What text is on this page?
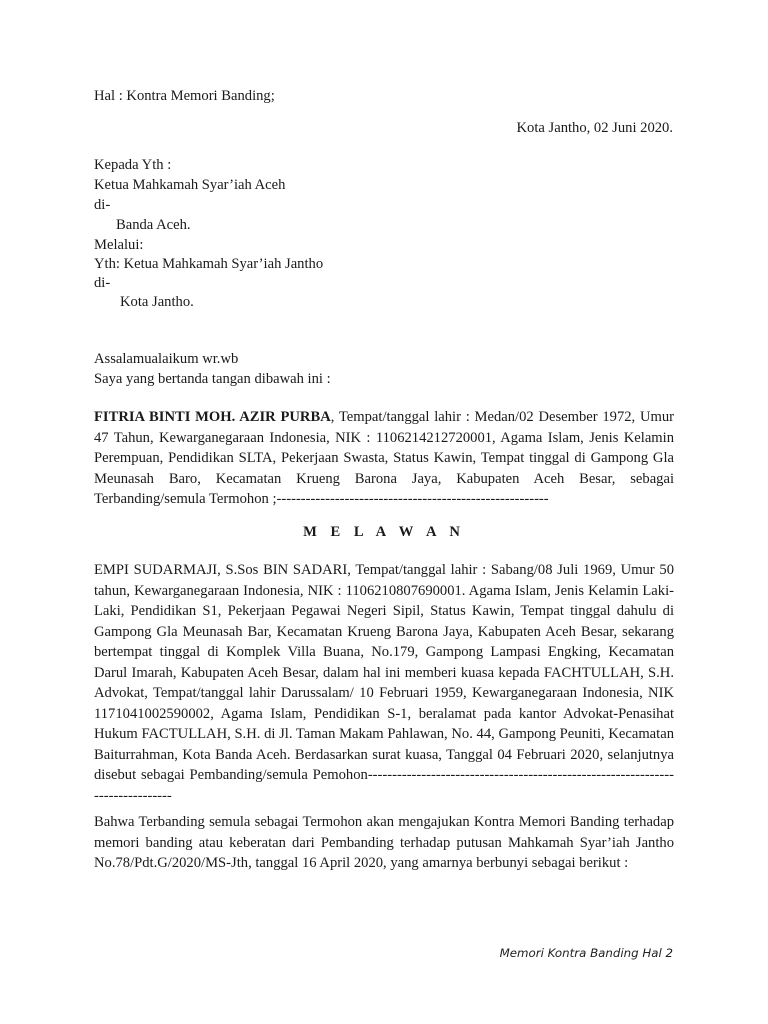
Hal : Kontra Memori Banding;
Kota Jantho, 02 Juni 2020.
Kepada Yth :
Ketua Mahkamah Syar’iah Aceh
di-
Banda Aceh.
Melalui:
Yth: Ketua Mahkamah Syar’iah Jantho
di-
Kota Jantho.
Assalamualaikum wr.wb
Saya yang bertanda tangan dibawah ini :
FITRIA BINTI MOH. AZIR PURBA, Tempat/tanggal lahir : Medan/02 Desember 1972, Umur 47 Tahun, Kewarganegaraan Indonesia, NIK : 1106214212720001, Agama Islam, Jenis Kelamin Perempuan, Pendidikan SLTA, Pekerjaan Swasta, Status Kawin, Tempat tinggal di Gampong Gla Meunasah Baro, Kecamatan Krueng Barona Jaya, Kabupaten Aceh Besar, sebagai Terbanding/semula Termohon ;--------------------------------------------------------
M E L A W A N
EMPI SUDARMAJI, S.Sos BIN SADARI, Tempat/tanggal lahir : Sabang/08 Juli 1969, Umur 50 tahun, Kewarganegaraan Indonesia, NIK : 1106210807690001. Agama Islam, Jenis Kelamin Laki-Laki, Pendidikan S1, Pekerjaan Pegawai Negeri Sipil, Status Kawin, Tempat tinggal dahulu di Gampong Gla Meunasah Bar, Kecamatan Krueng Barona Jaya, Kabupaten Aceh Besar, sekarang bertempat tinggal di Komplek Villa Buana, No.179, Gampong Lampasi Engking, Kecamatan Darul Imarah, Kabupaten Aceh Besar, dalam hal ini memberi kuasa kepada FACHTULLAH, S.H. Advokat, Tempat/tanggal lahir Darussalam/ 10 Februari 1959, Kewarganegaraan Indonesia, NIK 1171041002590002, Agama Islam, Pendidikan S-1, beralamat pada kantor Advokat-Penasihat Hukum FACTULLAH, S.H. di Jl. Taman Makam Pahlawan, No. 44, Gampong Peuniti, Kecamatan Baiturrahman, Kota Banda Aceh. Berdasarkan surat kuasa, Tanggal 04 Februari 2020, selanjutnya disebut sebagai Pembanding/semula Pemohon-------------------------------------------------------------------------------
Bahwa Terbanding semula sebagai Termohon akan mengajukan Kontra Memori Banding terhadap memori banding atau keberatan dari Pembanding terhadap putusan Mahkamah Syar’iah Jantho No.78/Pdt.G/2020/MS-Jth, tanggal 16 April 2020, yang amarnya berbunyi sebagai berikut :
Memori Kontra Banding Hal 2
